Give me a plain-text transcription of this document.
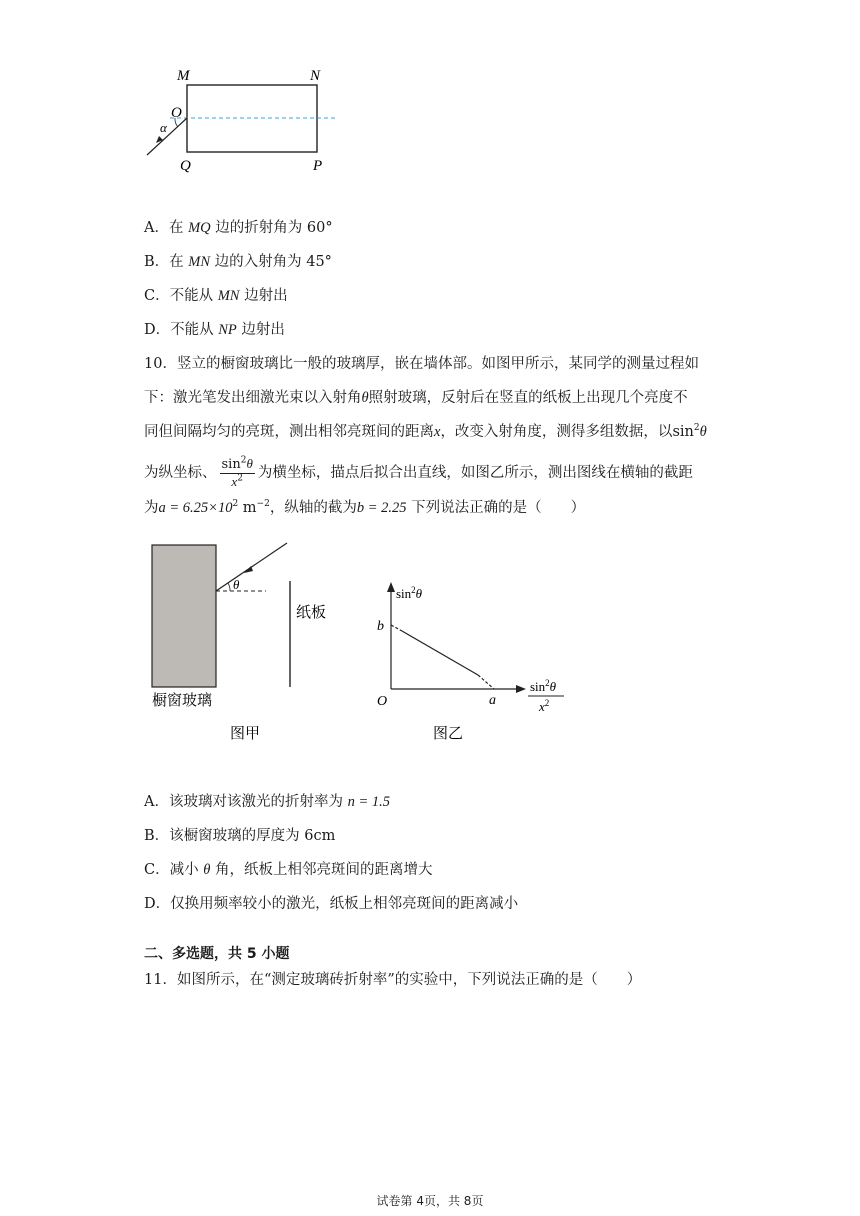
M	N
O
α
Q	P
A．在 MQ 边的折射角为 60°
B．在 MN 边的入射角为 45°
C．不能从 MN 边射出
D．不能从 NP 边射出
10．竖立的橱窗玻璃比一般的玻璃厚，嵌在墙体部。如图甲所示，某同学的测量过程如
下：激光笔发出细激光束以入射角θ照射玻璃，反射后在竖直的纸板上出现几个亮度不
同但间隔均匀的亮斑，测出相邻亮斑间的距离x，改变入射角度，测得多组数据，以$\sin^2\theta$
为纵坐标、 $\frac{\sin^2\theta}{x^2}$ 为横坐标，描点后拟合出直线，如图乙所示，测出图线在横轴的截距
为$a = 6.25\times 10^2$ $m^{-2}$，纵轴的截为b = 2.25 下列说法正确的是（　　）
θ
纸板
橱窗玻璃
图甲
$\sin^2\theta$
b
O	a
$\sin^2\theta$
$x^2$
图乙
A．该玻璃对该激光的折射率为 n = 1.5
B．该橱窗玻璃的厚度为 6cm
C．减小 θ 角，纸板上相邻亮斑间的距离增大
D．仅换用频率较小的激光，纸板上相邻亮斑间的距离减小
二、多选题，共 5 小题
11．如图所示，在“测定玻璃砖折射率”的实验中，下列说法正确的是（　　）
试卷第 4页，共 8页
